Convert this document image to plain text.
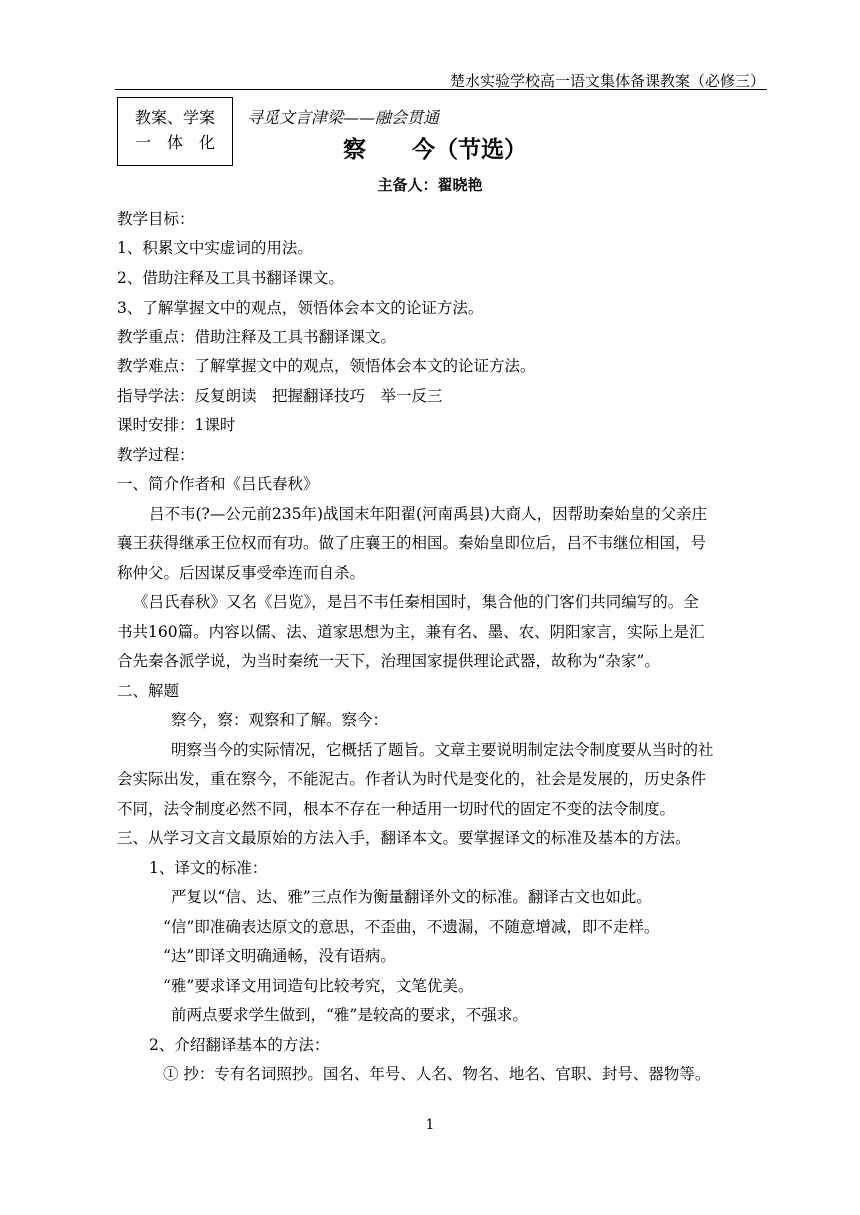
楚水实验学校高一语文集体备课教案（必修三）
教案、学案
一　体　化
寻觅文言津梁——融会贯通
察　　今（节选）
主备人：翟晓艳
教学目标：
1、积累文中实虚词的用法。
2、借助注释及工具书翻译课文。
3、了解掌握文中的观点，领悟体会本文的论证方法。
教学重点：借助注释及工具书翻译课文。
教学难点：了解掌握文中的观点，领悟体会本文的论证方法。
指导学法：反复朗读　把握翻译技巧　举一反三
课时安排：1课时
教学过程：
一、简介作者和《吕氏春秋》
吕不韦(?—公元前235年)战国末年阳翟(河南禹县)大商人，因帮助秦始皇的父亲庄
襄王获得继承王位权而有功。做了庄襄王的相国。秦始皇即位后，吕不韦继位相国，号
称仲父。后因谋反事受牵连而自杀。
《吕氏春秋》又名《吕览》，是吕不韦任秦相国时，集合他的门客们共同编写的。全
书共160篇。内容以儒、法、道家思想为主，兼有名、墨、农、阴阳家言，实际上是汇
合先秦各派学说，为当时秦统一天下，治理国家提供理论武器，故称为“杂家”。
二、解题
察今，察：观察和了解。察今：
明察当今的实际情况，它概括了题旨。文章主要说明制定法令制度要从当时的社
会实际出发，重在察今，不能泥古。作者认为时代是变化的，社会是发展的，历史条件
不同，法令制度必然不同，根本不存在一种适用一切时代的固定不变的法令制度。
三、从学习文言文最原始的方法入手，翻译本文。要掌握译文的标准及基本的方法。
1、译文的标准：
严复以“信、达、雅”三点作为衡量翻译外文的标准。翻译古文也如此。
“信”即准确表达原文的意思，不歪曲，不遗漏，不随意增减，即不走样。
“达”即译文明确通畅，没有语病。
“雅”要求译文用词造句比较考究，文笔优美。
前两点要求学生做到，“雅”是较高的要求，不强求。
2、介绍翻译基本的方法：
① 抄：专有名词照抄。国名、年号、人名、物名、地名、官职、封号、器物等。
1
